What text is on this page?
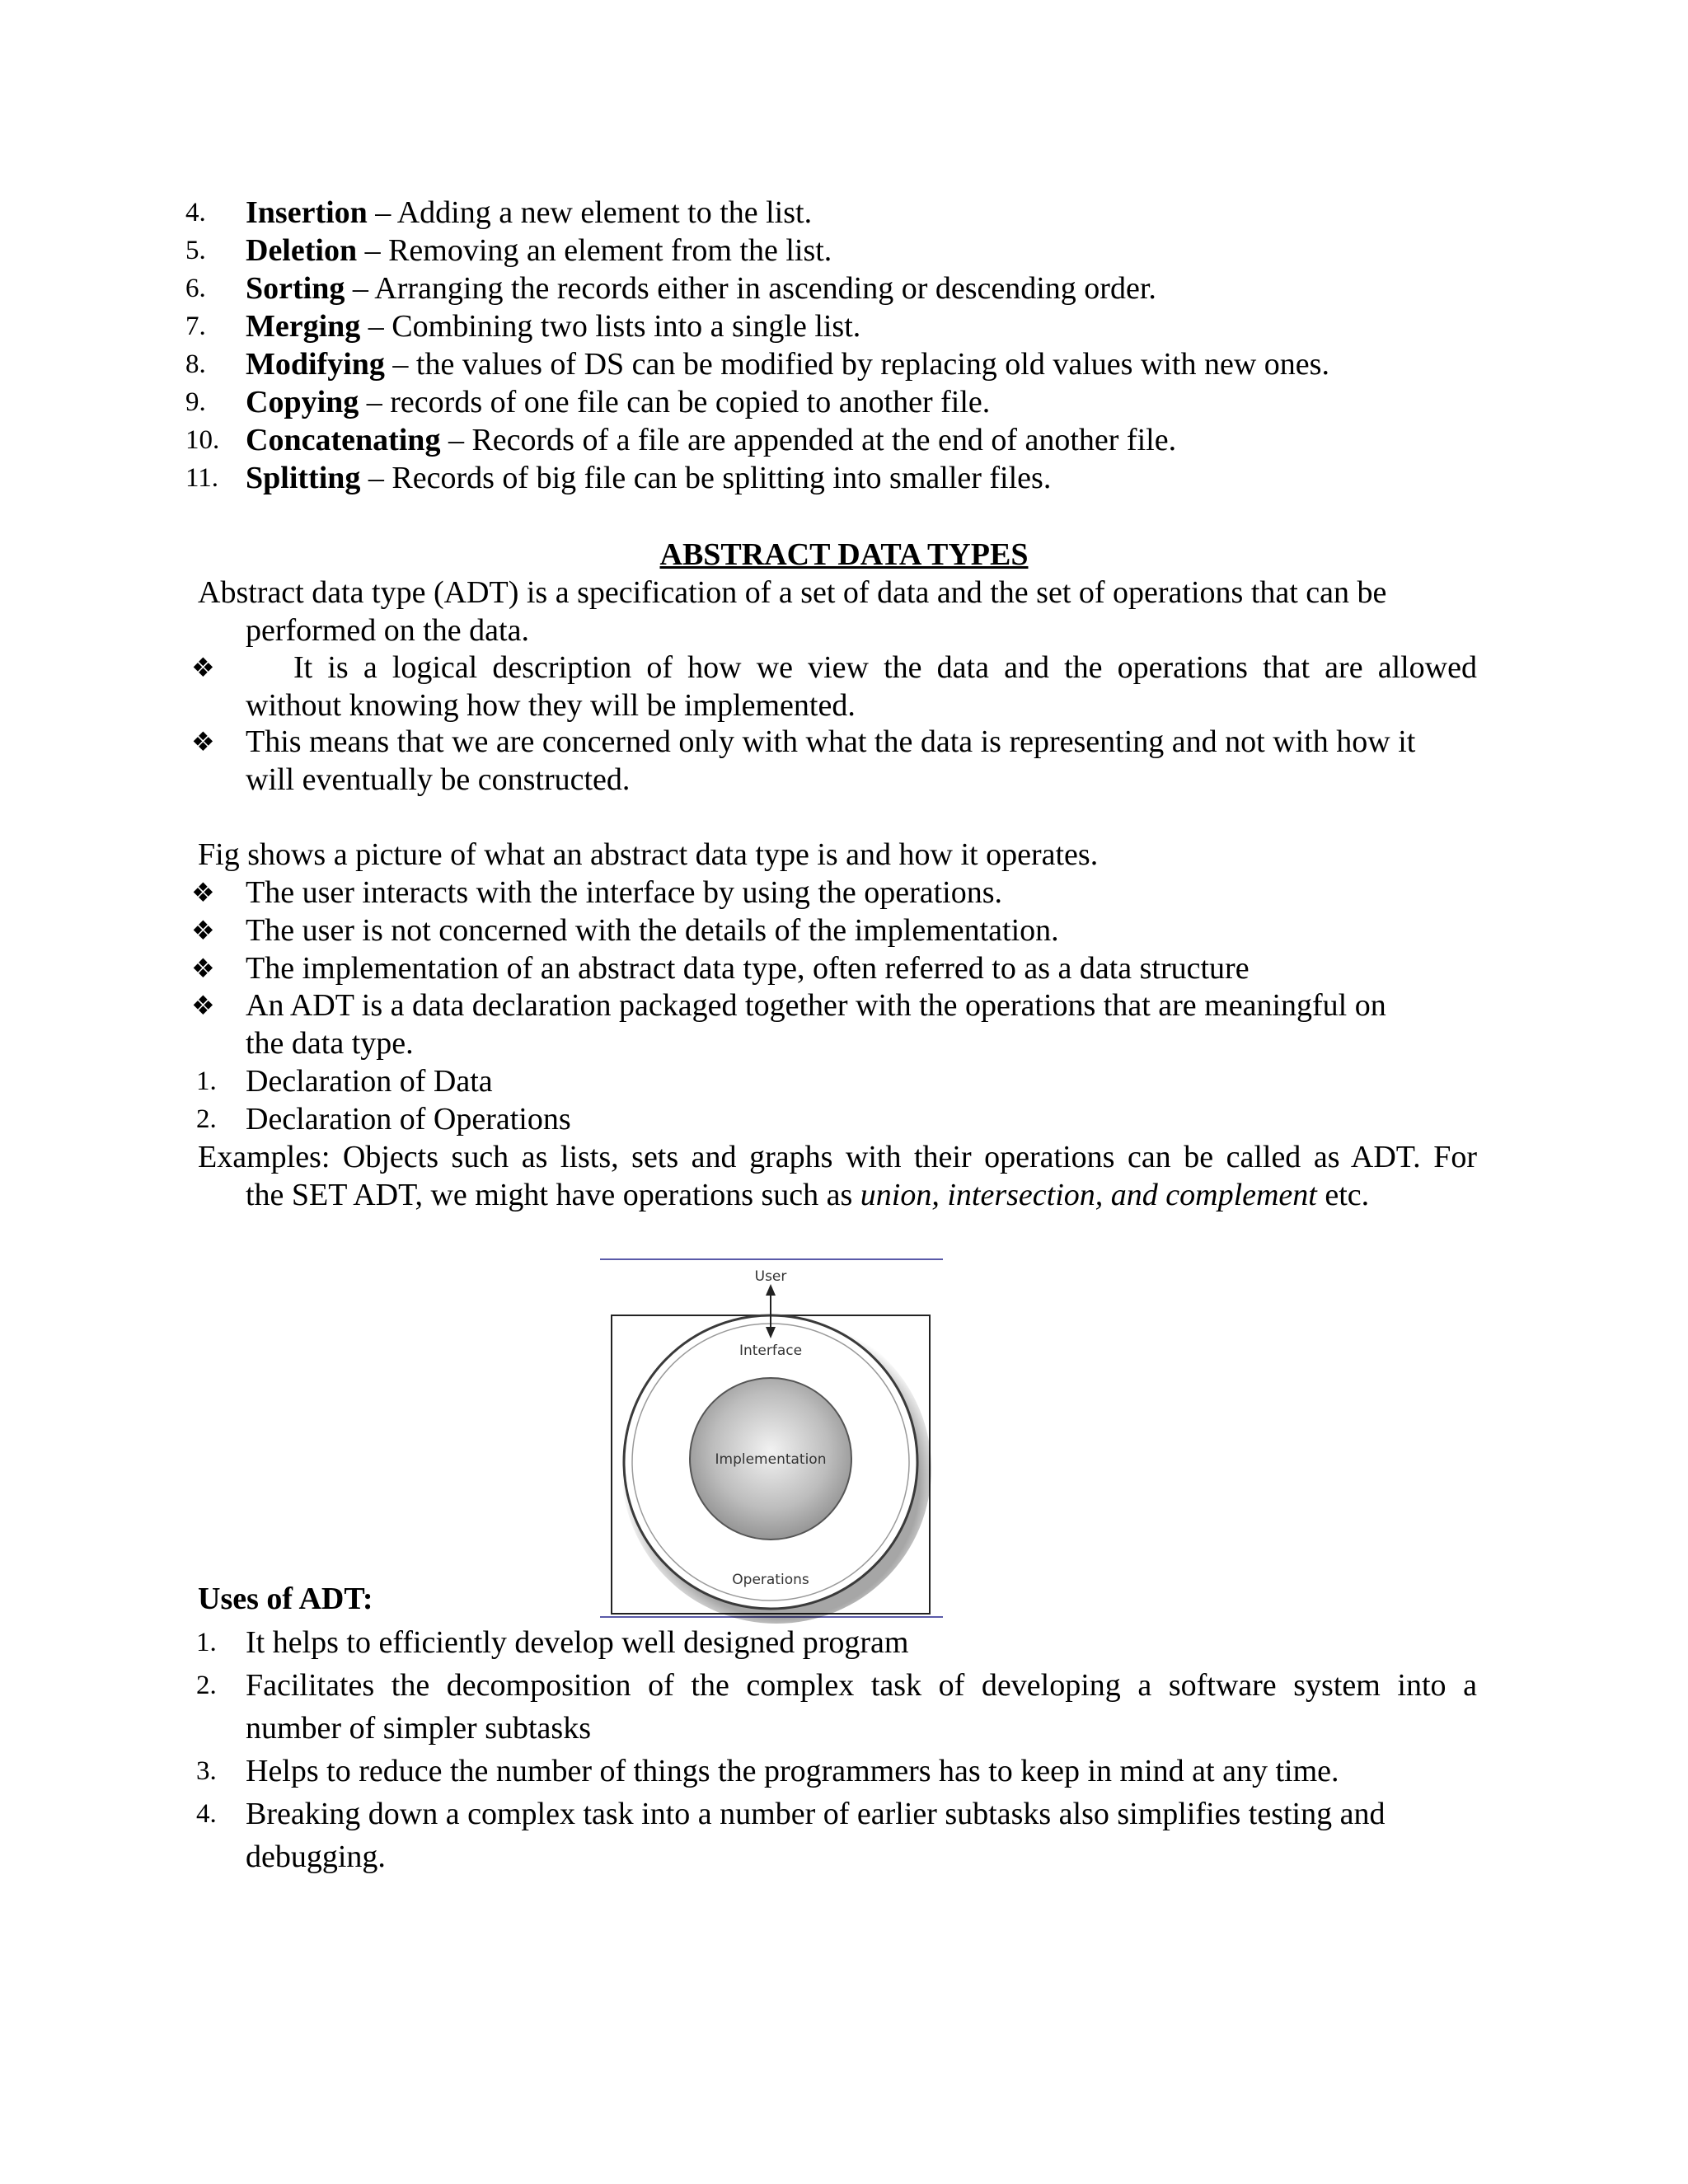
4.	Insertion – Adding a new element to the list.
5.	Deletion – Removing an element from the list.
6.	Sorting – Arranging the records either in ascending or descending order.
7.	Merging – Combining two lists into a single list.
8.	Modifying – the values of DS can be modified by replacing old values with new ones.
9.	Copying – records of one file can be copied to another file.
10. Concatenating – Records of a file are appended at the end of another file.
11. Splitting – Records of big file can be splitting into smaller files.
ABSTRACT DATA TYPES
Abstract data type (ADT) is a specification of a set of data and the set of operations that can be
performed on the data.
❖	It is a logical description of how we view the data and the operations that are allowed
without knowing how they will be implemented.
❖ This means that we are concerned only with what the data is representing and not with how it
will eventually be constructed.
Fig shows a picture of what an abstract data type is and how it operates.
❖ The user interacts with the interface by using the operations.
❖ The user is not concerned with the details of the implementation.
❖ The implementation of an abstract data type, often referred to as a data structure
❖ An ADT is a data declaration packaged together with the operations that are meaningful on
the data type.
1. Declaration of Data
2. Declaration of Operations
Examples: Objects such as lists, sets and graphs with their operations can be called as ADT. For
the SET ADT, we might have operations such as union, intersection, and complement etc.
User
Interface
Implementation
Operations
Uses of ADT:
1. It helps to efficiently develop well designed program
2. Facilitates the decomposition of the complex task of developing a software system into a
number of simpler subtasks
3. Helps to reduce the number of things the programmers has to keep in mind at any time.
4. Breaking down a complex task into a number of earlier subtasks also simplifies testing and
debugging.
